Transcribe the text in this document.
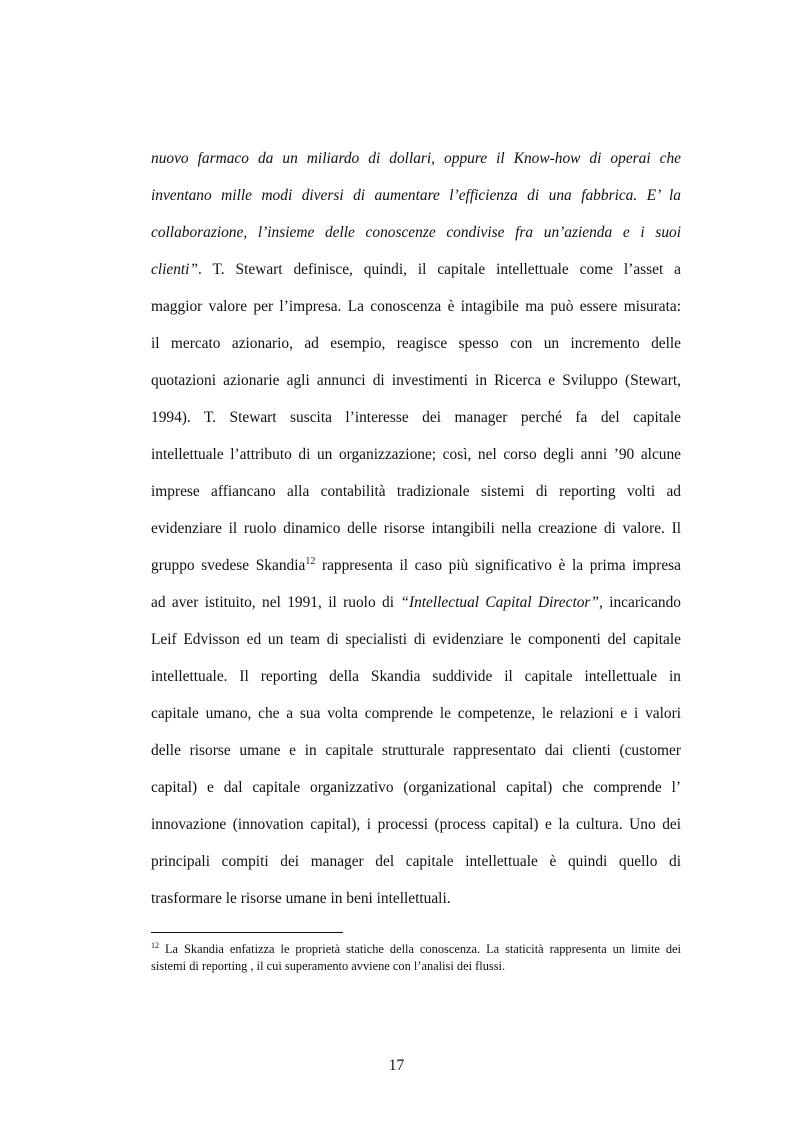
nuovo farmaco da un miliardo di dollari, oppure il Know-how di operai che
inventano mille modi diversi di aumentare l’efficienza di una fabbrica. E’ la
collaborazione, l’insieme delle conoscenze condivise fra un’azienda e i suoi
clienti”. T. Stewart definisce, quindi, il capitale intellettuale come l’asset a
maggior valore per l’impresa. La conoscenza è intagibile ma può essere misurata:
il mercato azionario, ad esempio, reagisce spesso con un incremento delle
quotazioni azionarie agli annunci di investimenti in Ricerca e Sviluppo (Stewart,
1994). T. Stewart suscita l’interesse dei manager perché fa del capitale
intellettuale l’attributo di un organizzazione; così, nel corso degli anni ’90 alcune
imprese affiancano alla contabilità tradizionale sistemi di reporting volti ad
evidenziare il ruolo dinamico delle risorse intangibili nella creazione di valore. Il
gruppo svedese Skandia$^{12}$ rappresenta il caso più significativo è la prima impresa
ad aver istituito, nel 1991, il ruolo di “Intellectual Capital Director”, incaricando
Leif Edvisson ed un team di specialisti di evidenziare le componenti del capitale
intellettuale. Il reporting della Skandia suddivide il capitale intellettuale in
capitale umano, che a sua volta comprende le competenze, le relazioni e i valori
delle risorse umane e in capitale strutturale rappresentato dai clienti (customer
capital) e dal capitale organizzativo (organizational capital) che comprende l’
innovazione (innovation capital), i processi (process capital) e la cultura. Uno dei
principali compiti dei manager del capitale intellettuale è quindi quello di
trasformare le risorse umane in beni intellettuali.
$^{12}$ La Skandia enfatizza le proprietà statiche della conoscenza. La staticità rappresenta un limite dei
sistemi di reporting , il cui superamento avviene con l’analisi dei flussi.
17
